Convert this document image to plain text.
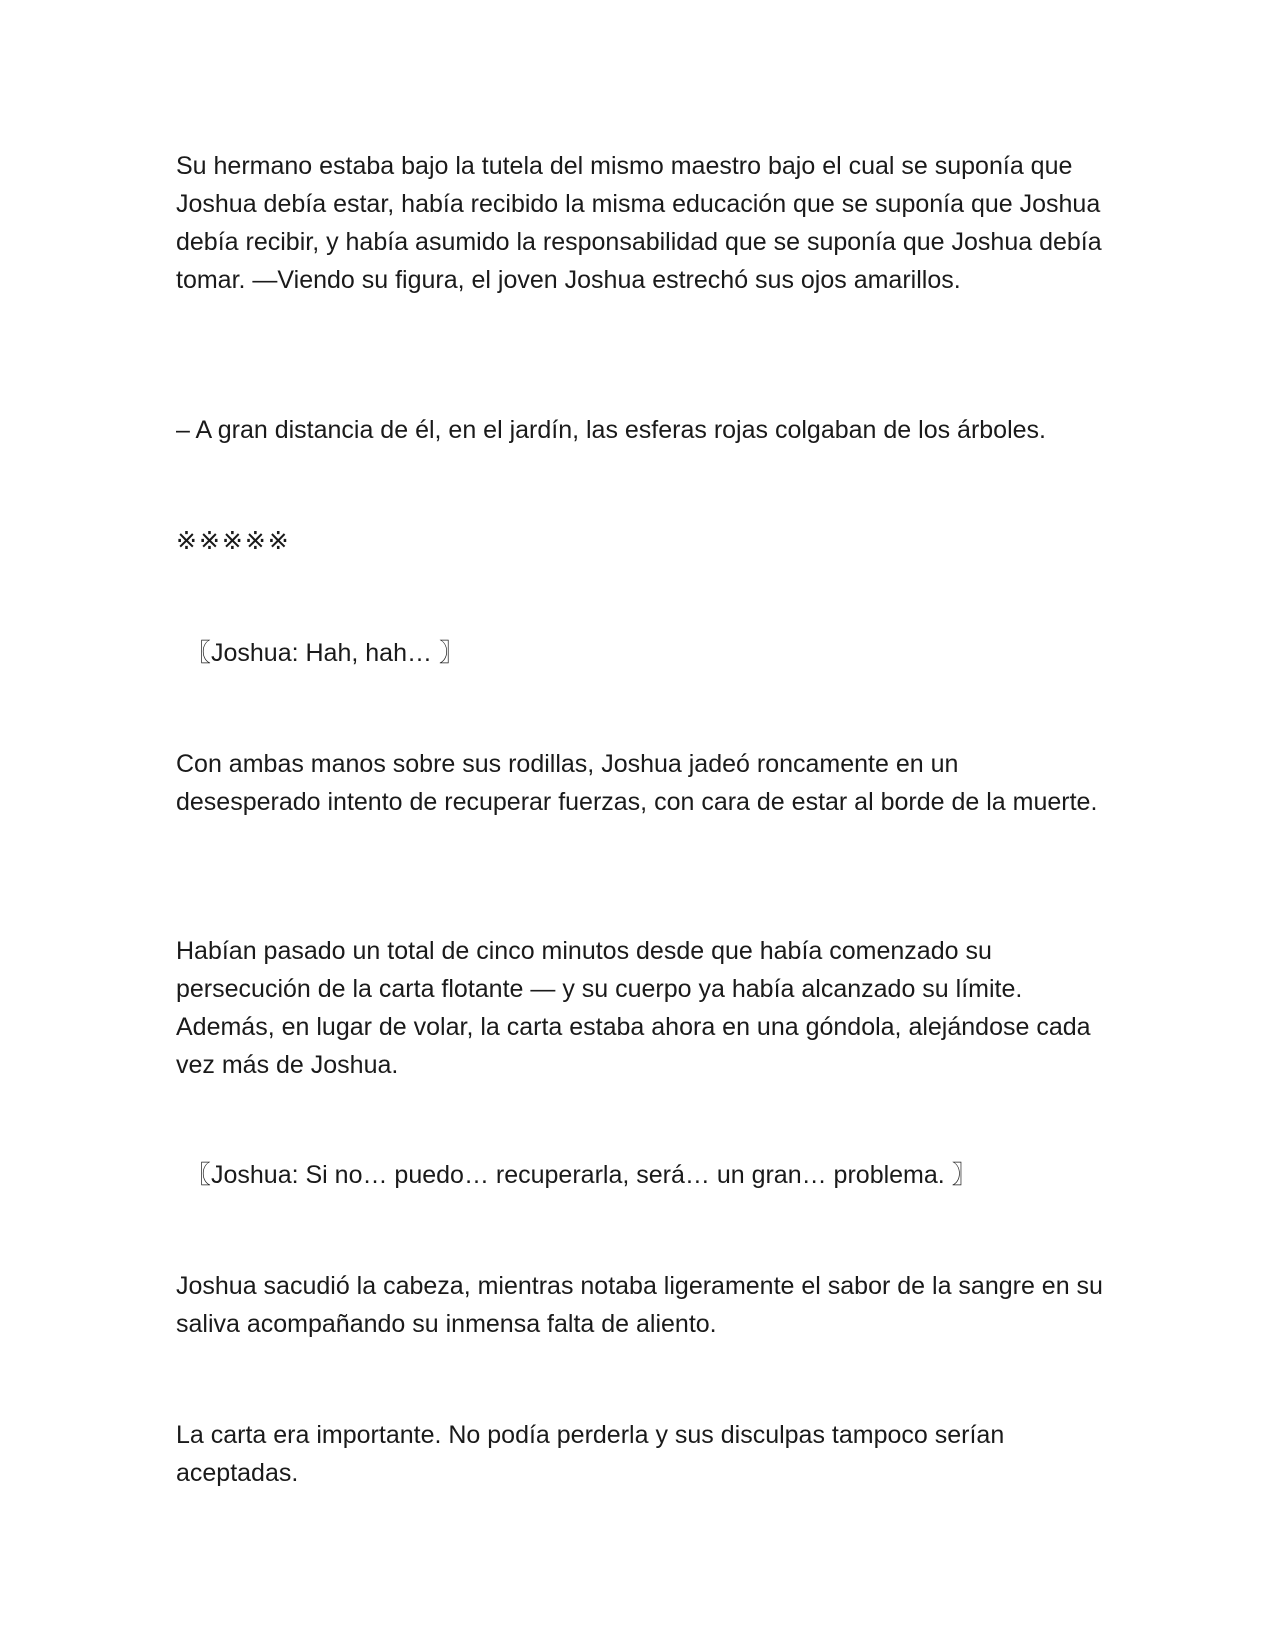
Su hermano estaba bajo la tutela del mismo maestro bajo el cual se suponía que Joshua debía estar, había recibido la misma educación que se suponía que Joshua debía recibir, y había asumido la responsabilidad que se suponía que Joshua debía tomar. —Viendo su figura, el joven Joshua estrechó sus ojos amarillos.

– A gran distancia de él, en el jardín, las esferas rojas colgaban de los árboles.

※※※※※

〖Joshua: Hah, hah… 〗

Con ambas manos sobre sus rodillas, Joshua jadeó roncamente en un desesperado intento de recuperar fuerzas, con cara de estar al borde de la muerte.

Habían pasado un total de cinco minutos desde que había comenzado su persecución de la carta flotante — y su cuerpo ya había alcanzado su límite. Además, en lugar de volar, la carta estaba ahora en una góndola, alejándose cada vez más de Joshua.

〖Joshua: Si no… puedo… recuperarla, será… un gran… problema. 〗

Joshua sacudió la cabeza, mientras notaba ligeramente el sabor de la sangre en su saliva acompañando su inmensa falta de aliento.

La carta era importante. No podía perderla y sus disculpas tampoco serían aceptadas.
